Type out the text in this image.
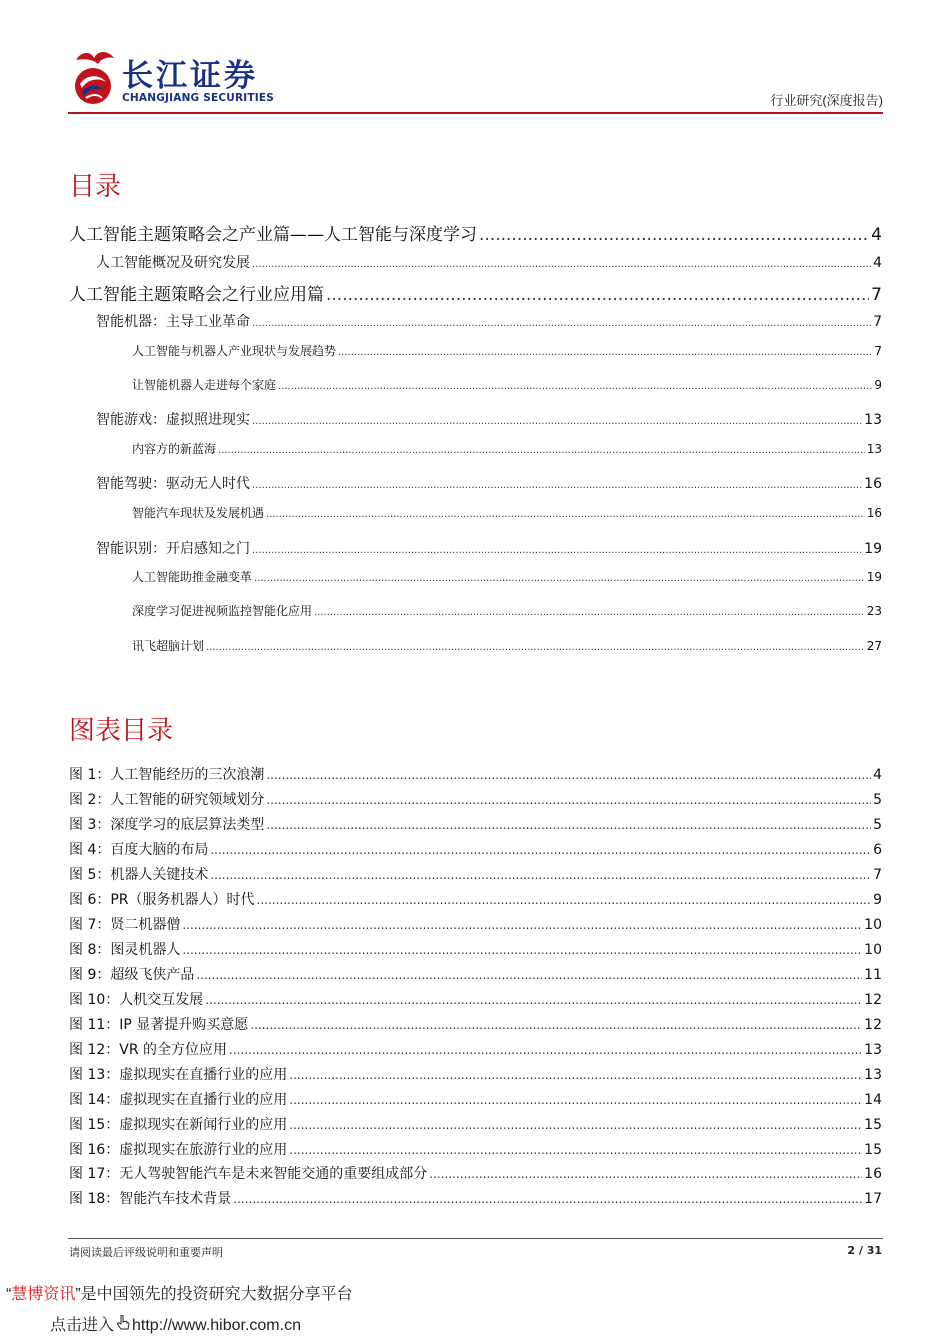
长江证券
CHANGJIANG SECURITIES	行业研究(深度报告)
目录
人工智能主题策略会之产业篇——人工智能与深度学习 .....	4
人工智能概况及研究发展 .....	4
人工智能主题策略会之行业应用篇 .....	7
智能机器：主导工业革命 .....	7
人工智能与机器人产业现状与发展趋势 .....	7
让智能机器人走进每个家庭 .....	9
智能游戏：虚拟照进现实 .....	13
内容方的新蓝海 .....	13
智能驾驶：驱动无人时代 .....	16
智能汽车现状及发展机遇 .....	16
智能识别：开启感知之门 .....	19
人工智能助推金融变革 .....	19
深度学习促进视频监控智能化应用 .....	23
讯飞超脑计划 .....	27
图表目录
图 1：人工智能经历的三次浪潮 .....	4
图 2：人工智能的研究领域划分 .....	5
图 3：深度学习的底层算法类型 .....	5
图 4：百度大脑的布局 .....	6
图 5：机器人关键技术 .....	7
图 6：PR（服务机器人）时代 .....	9
图 7：贤二机器僧 .....	10
图 8：图灵机器人 .....	10
图 9：超级飞侠产品 .....	11
图 10：人机交互发展 .....	12
图 11：IP 显著提升购买意愿 .....	12
图 12：VR 的全方位应用 .....	13
图 13：虚拟现实在直播行业的应用 .....	13
图 14：虚拟现实在直播行业的应用 .....	14
图 15：虚拟现实在新闻行业的应用 .....	15
图 16：虚拟现实在旅游行业的应用 .....	15
图 17：无人驾驶智能汽车是未来智能交通的重要组成部分 .....	16
图 18：智能汽车技术背景 .....	17
请阅读最后评级说明和重要声明	2 / 31
“慧博资讯”是中国领先的投资研究大数据分享平台
点击进入 http://www.hibor.com.cn
